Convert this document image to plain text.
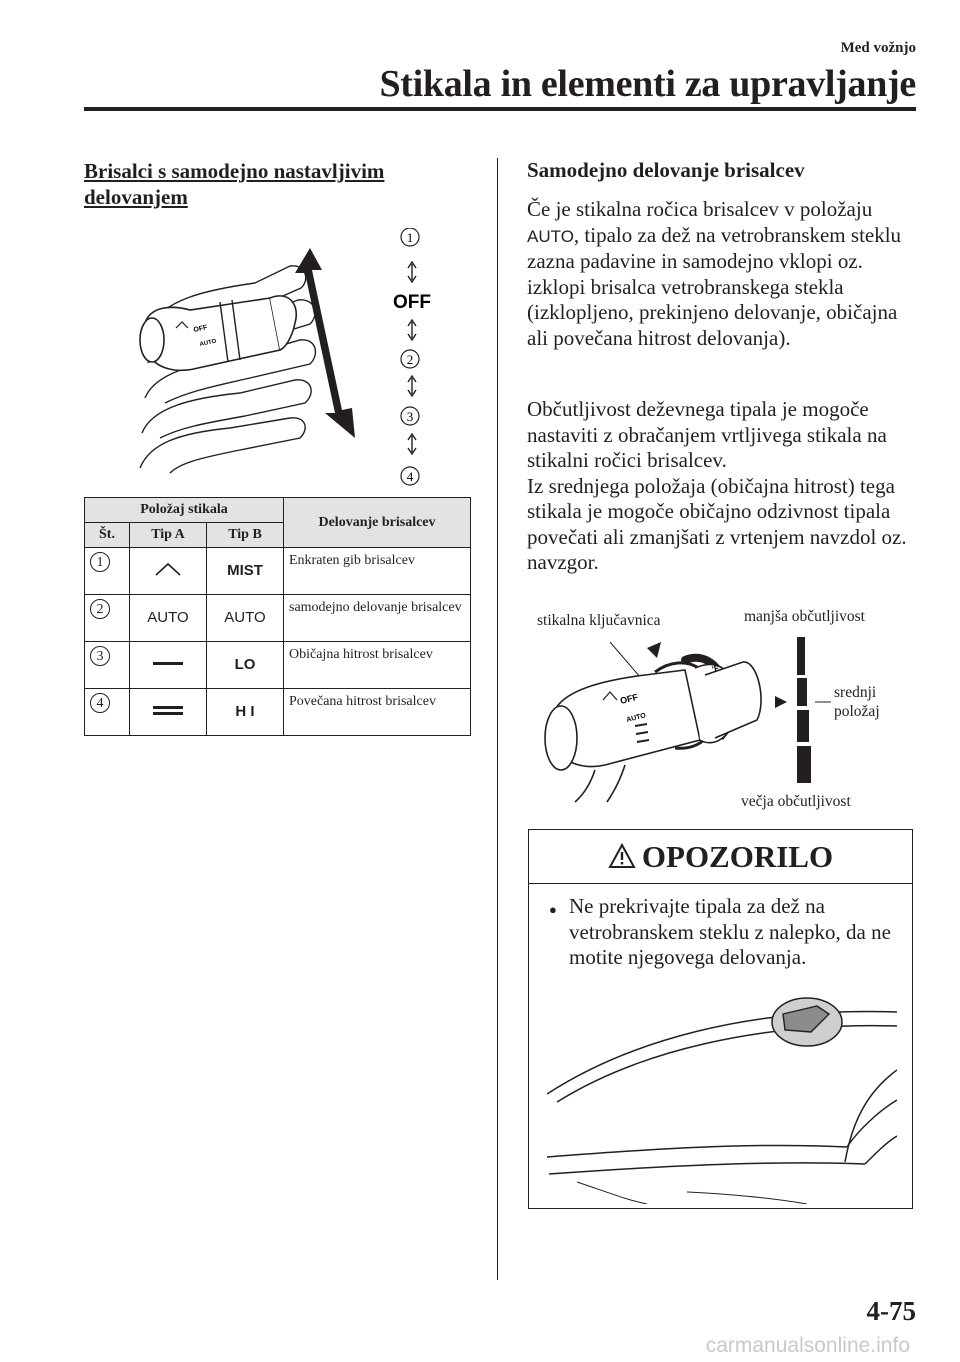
Med vožnjo
Stikala in elementi za upravljanje
Brisalci s samodejno nastavljivim delovanjem
OFF
AUTO
1
OFF
2
3
4
Položaj stikala			Delovanje brisalcev
Št.	Tip A	Tip B	
1		MIST	Enkraten gib brisalcev
2	AUTO	AUTO	samodejno delovanje brisalcev
3		LO	Običajna hitrost brisalcev
4		H I	Povečana hitrost brisalcev
Samodejno delovanje brisalcev
Če je stikalna ročica brisalcev v položaju AUTO, tipalo za dež na vetrobranskem steklu zazna padavine in samodejno vklopi oz. izklopi brisalca vetrobranskega stekla (izklopljeno, prekinjeno delovanje, običajna ali povečana hitrost delovanja).
Občutljivost deževnega tipala je mogoče nastaviti z obračanjem vrtljivega stikala na stikalni ročici brisalcev.
Iz srednjega položaja (običajna hitrost) tega stikala je mogoče običajno odzivnost tipala povečati ali zmanjšati z vrtenjem navzdol oz. navzgor.
stikalna ključavnica	manjša občutljivost
srednji
položaj
večja občutljivost
'F
OFF
AUTO
OPOZORILO
● Ne prekrivajte tipala za dež na vetrobranskem steklu z nalepko, da ne motite njegovega delovanja.
4-75
carmanualsonline.info
